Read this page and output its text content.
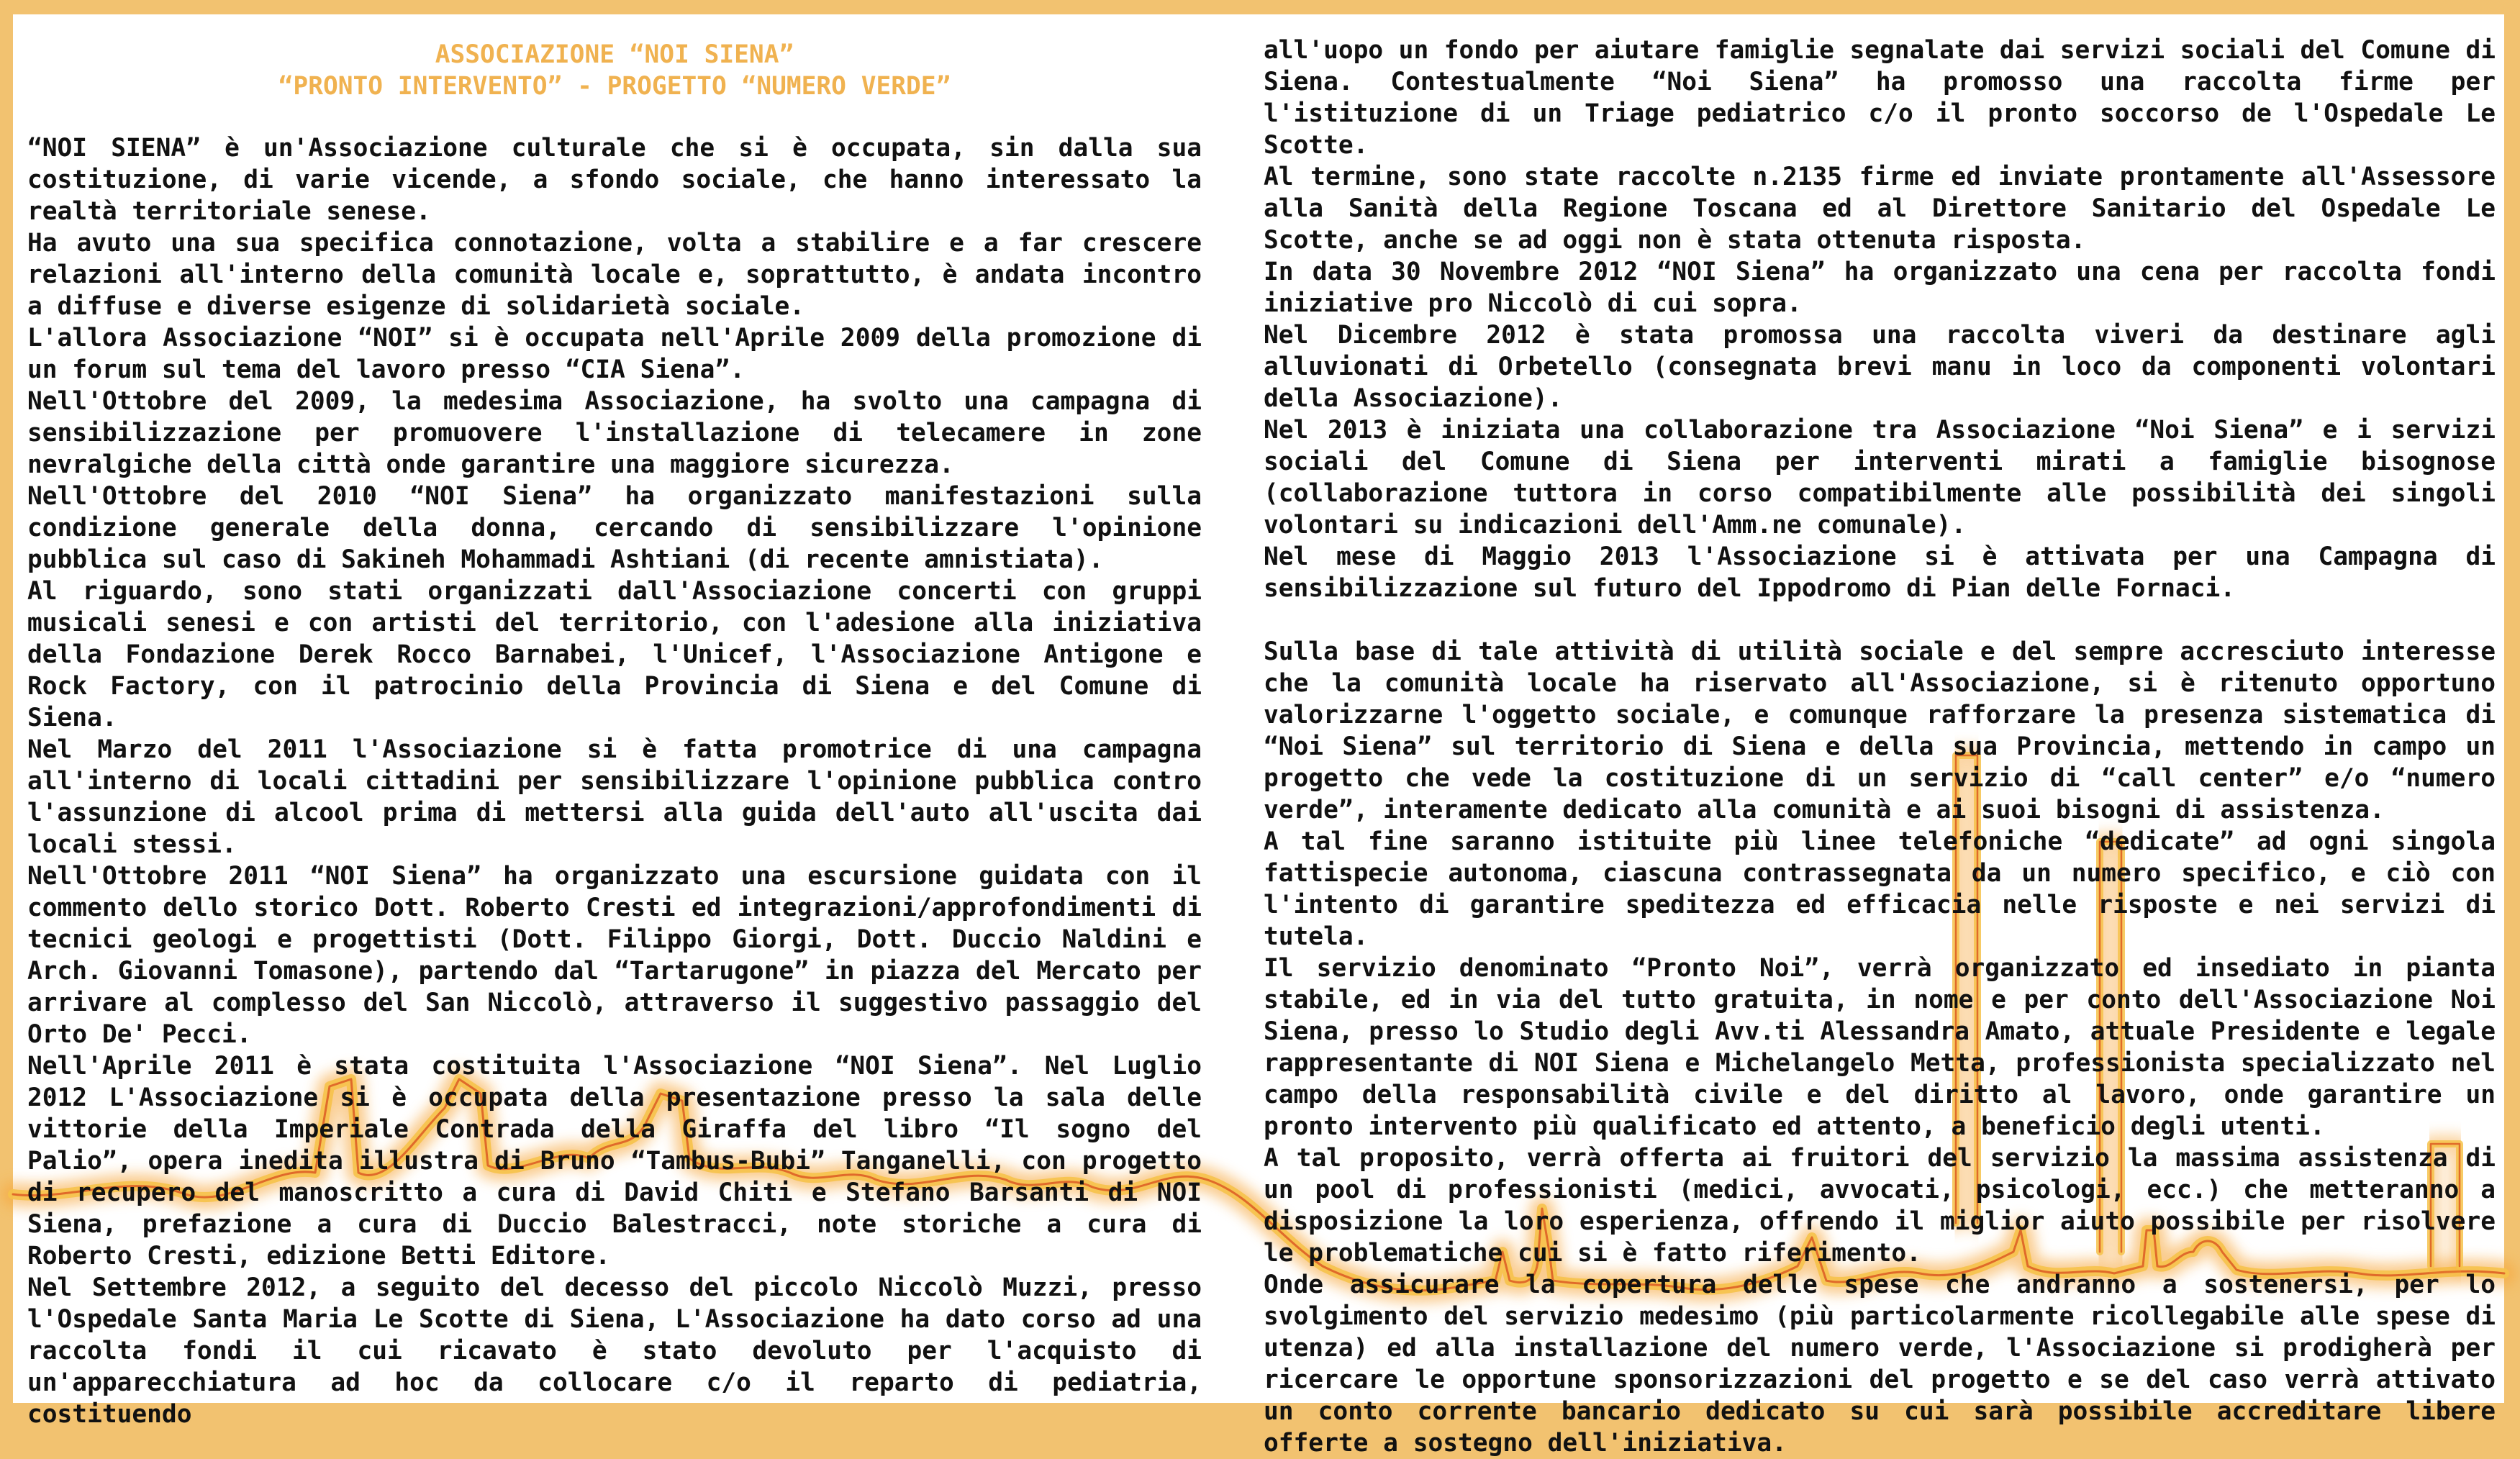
ASSOCIAZIONE “NOI SIENA”
“PRONTO INTERVENTO” - PROGETTO “NUMERO VERDE”

“NOI SIENA” è un'Associazione culturale che si è occupata, sin dalla sua costituzione, di varie vicende, a sfondo sociale, che hanno interessato la realtà territoriale senese.

Ha avuto una sua specifica connotazione, volta a stabilire e a far crescere relazioni all'interno della comunità locale e, soprattutto, è andata incontro a diffuse e diverse esigenze di solidarietà sociale.

L'allora Associazione “NOI” si è occupata nell'Aprile 2009 della promozione di un forum sul tema del lavoro presso “CIA Siena”.

Nell'Ottobre del 2009, la medesima Associazione, ha svolto una campagna di sensibilizzazione per promuovere l'installazione di telecamere in zone nevralgiche della città onde garantire una maggiore sicurezza.

Nell'Ottobre del 2010 “NOI Siena” ha organizzato manifestazioni sulla condizione generale della donna, cercando di sensibilizzare l'opinione pubblica sul caso di Sakineh Mohammadi Ashtiani (di recente amnistiata).

Al riguardo, sono stati organizzati dall'Associazione concerti con gruppi musicali senesi e con artisti del territorio, con l'adesione alla iniziativa della Fondazione Derek Rocco Barnabei, l'Unicef, l'Associazione Antigone e Rock Factory, con il patrocinio della Provincia di Siena e del Comune di Siena.

Nel Marzo del 2011 l'Associazione si è fatta promotrice di una campagna all'interno di locali cittadini per sensibilizzare l'opinione pubblica contro l'assunzione di alcool prima di mettersi alla guida dell'auto all'uscita dai locali stessi.

Nell'Ottobre 2011 “NOI Siena” ha organizzato una escursione guidata con il commento dello storico Dott. Roberto Cresti ed integrazioni/approfondimenti di tecnici geologi e progettisti (Dott. Filippo Giorgi, Dott. Duccio Naldini e Arch. Giovanni Tomasone), partendo dal “Tartarugone” in piazza del Mercato per arrivare al complesso del San Niccolò, attraverso il suggestivo passaggio del Orto De' Pecci.

Nell'Aprile 2011 è stata costituita l'Associazione “NOI Siena”. Nel Luglio 2012 L'Associazione si è occupata della presentazione presso la sala delle vittorie della Imperiale Contrada della Giraffa del libro “Il sogno del Palio”, opera inedita illustra di Bruno “Tambus-Bubi” Tanganelli, con progetto di recupero del manoscritto a cura di David Chiti e Stefano Barsanti di NOI Siena, prefazione a cura di Duccio Balestracci, note storiche a cura di Roberto Cresti, edizione Betti Editore.

Nel Settembre 2012, a seguito del decesso del piccolo Niccolò Muzzi, presso l'Ospedale Santa Maria Le Scotte di Siena, L'Associazione ha dato corso ad una raccolta fondi il cui ricavato è stato devoluto per l'acquisto di un'apparecchiatura ad hoc da collocare c/o il reparto di pediatria, costituendo

all'uopo un fondo per aiutare famiglie segnalate dai servizi sociali del Comune di Siena. Contestualmente “Noi Siena” ha promosso una raccolta firme per l'istituzione di un Triage pediatrico c/o il pronto soccorso de l'Ospedale Le Scotte.

Al termine, sono state raccolte n.2135 firme ed inviate prontamente all'Assessore alla Sanità della Regione Toscana ed al Direttore Sanitario del Ospedale Le Scotte, anche se ad oggi non è stata ottenuta risposta.

In data 30 Novembre 2012 “NOI Siena” ha organizzato una cena per raccolta fondi iniziative pro Niccolò di cui sopra.

Nel Dicembre 2012 è stata promossa una raccolta viveri da destinare agli alluvionati di Orbetello (consegnata brevi manu in loco da componenti volontari della Associazione).

Nel 2013 è iniziata una collaborazione tra Associazione “Noi Siena” e i servizi sociali del Comune di Siena per interventi mirati a famiglie bisognose (collaborazione tuttora in corso compatibilmente alle possibilità dei singoli volontari su indicazioni dell'Amm.ne comunale).

Nel mese di Maggio 2013 l'Associazione si è attivata per una Campagna di sensibilizzazione sul futuro del Ippodromo di Pian delle Fornaci.

Sulla base di tale attività di utilità sociale e del sempre accresciuto interesse che la comunità locale ha riservato all'Associazione, si è ritenuto opportuno valorizzarne l'oggetto sociale, e comunque rafforzare la presenza sistematica di “Noi Siena” sul territorio di Siena e della sua Provincia, mettendo in campo un progetto che vede la costituzione di un servizio di “call center” e/o “numero verde”, interamente dedicato alla comunità e ai suoi bisogni di assistenza.

A tal fine saranno istituite più linee telefoniche “dedicate” ad ogni singola fattispecie autonoma, ciascuna contrassegnata da un numero specifico, e ciò con l'intento di garantire speditezza ed efficacia nelle risposte e nei servizi di tutela.

Il servizio denominato “Pronto Noi”, verrà organizzato ed insediato in pianta stabile, ed in via del tutto gratuita, in nome e per conto dell'Associazione Noi Siena, presso lo Studio degli Avv.ti Alessandra Amato, attuale Presidente e legale rappresentante di NOI Siena e Michelangelo Metta, professionista specializzato nel campo della responsabilità civile e del diritto al lavoro, onde garantire un pronto intervento più qualificato ed attento, a beneficio degli utenti.

A tal proposito, verrà offerta ai fruitori del servizio la massima assistenza di un pool di professionisti (medici, avvocati, psicologi, ecc.) che metteranno a disposizione la loro esperienza, offrendo il miglior aiuto possibile per risolvere le problematiche cui si è fatto riferimento.

Onde assicurare la copertura delle spese che andranno a sostenersi, per lo svolgimento del servizio medesimo (più particolarmente ricollegabile alle spese di utenza) ed alla installazione del numero verde, l'Associazione si prodigherà per ricercare le opportune sponsorizzazioni del progetto e se del caso verrà attivato un conto corrente bancario dedicato su cui sarà possibile accreditare libere offerte a sostegno dell'iniziativa.
